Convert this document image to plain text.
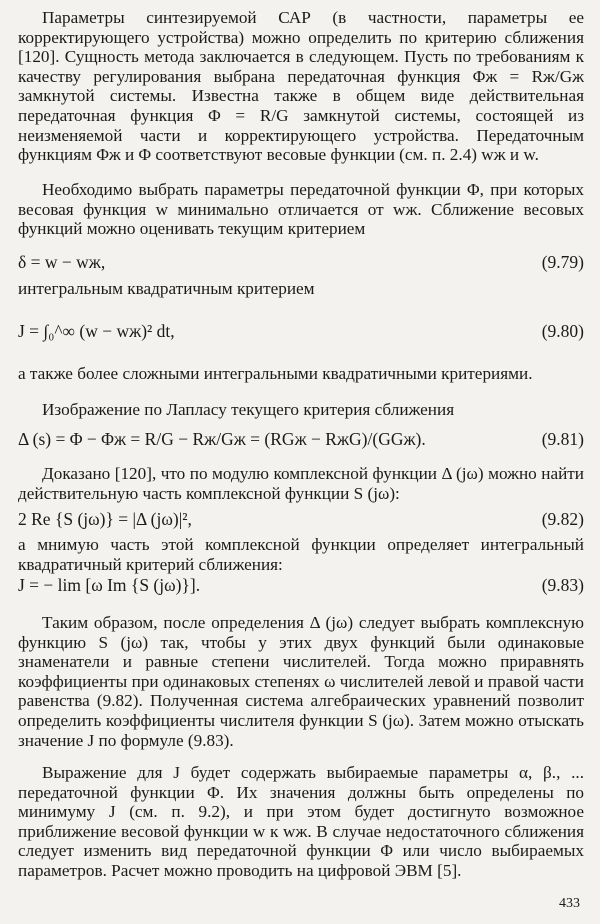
Параметры синтезируемой САР (в частности, параметры ее корректирующего устройства) можно определить по критерию сближения [120]. Сущность метода заключается в следующем. Пусть по требованиям к качеству регулирования выбрана передаточная функция Φж = Rж/Gж замкнутой системы. Известна также в общем виде действительная передаточная функция Φ = R/G замкнутой системы, состоящей из неизменяемой части и корректирующего устройства. Передаточным функциям Φж и Φ соответствуют весовые функции (см. п. 2.4) wж и w.

Необходимо выбрать параметры передаточной функции Φ, при которых весовая функция w минимально отличается от wж. Сближение весовых функций можно оценивать текущим критерием

δ = w − wж,	(9.79)

интегральным квадратичным критерием

J = ∫₀^∞ (w − wж)² dt,	(9.80)

а также более сложными интегральными квадратичными критериями.

Изображение по Лапласу текущего критерия сближения

Δ (s) = Φ − Φж = R/G − Rж/Gж = (RGж − RжG)/(GGж).	(9.81)

Доказано [120], что по модулю комплексной функции Δ (jω) можно найти действительную часть комплексной функции S (jω):

2 Re {S (jω)} = |Δ (jω)|²,	(9.82)

а мнимую часть этой комплексной функции определяет интегральный квадратичный критерий сближения:

J = − lim [ω Im {S (jω)}].	(9.83)

Таким образом, после определения Δ (jω) следует выбрать комплексную функцию S (jω) так, чтобы у этих двух функций были одинаковые знаменатели и равные степени числителей. Тогда можно приравнять коэффициенты при одинаковых степенях ω числителей левой и правой части равенства (9.82). Полученная система алгебраических уравнений позволит определить коэффициенты числителя функции S (jω). Затем можно отыскать значение J по формуле (9.83).

Выражение для J будет содержать выбираемые параметры α, β., ... передаточной функции Φ. Их значения должны быть определены по минимуму J (см. п. 9.2), и при этом будет достигнуто возможное приближение весовой функции w к wж. В случае недостаточного сближения следует изменить вид передаточной функции Φ или число выбираемых параметров. Расчет можно проводить на цифровой ЭВМ [5].

433
